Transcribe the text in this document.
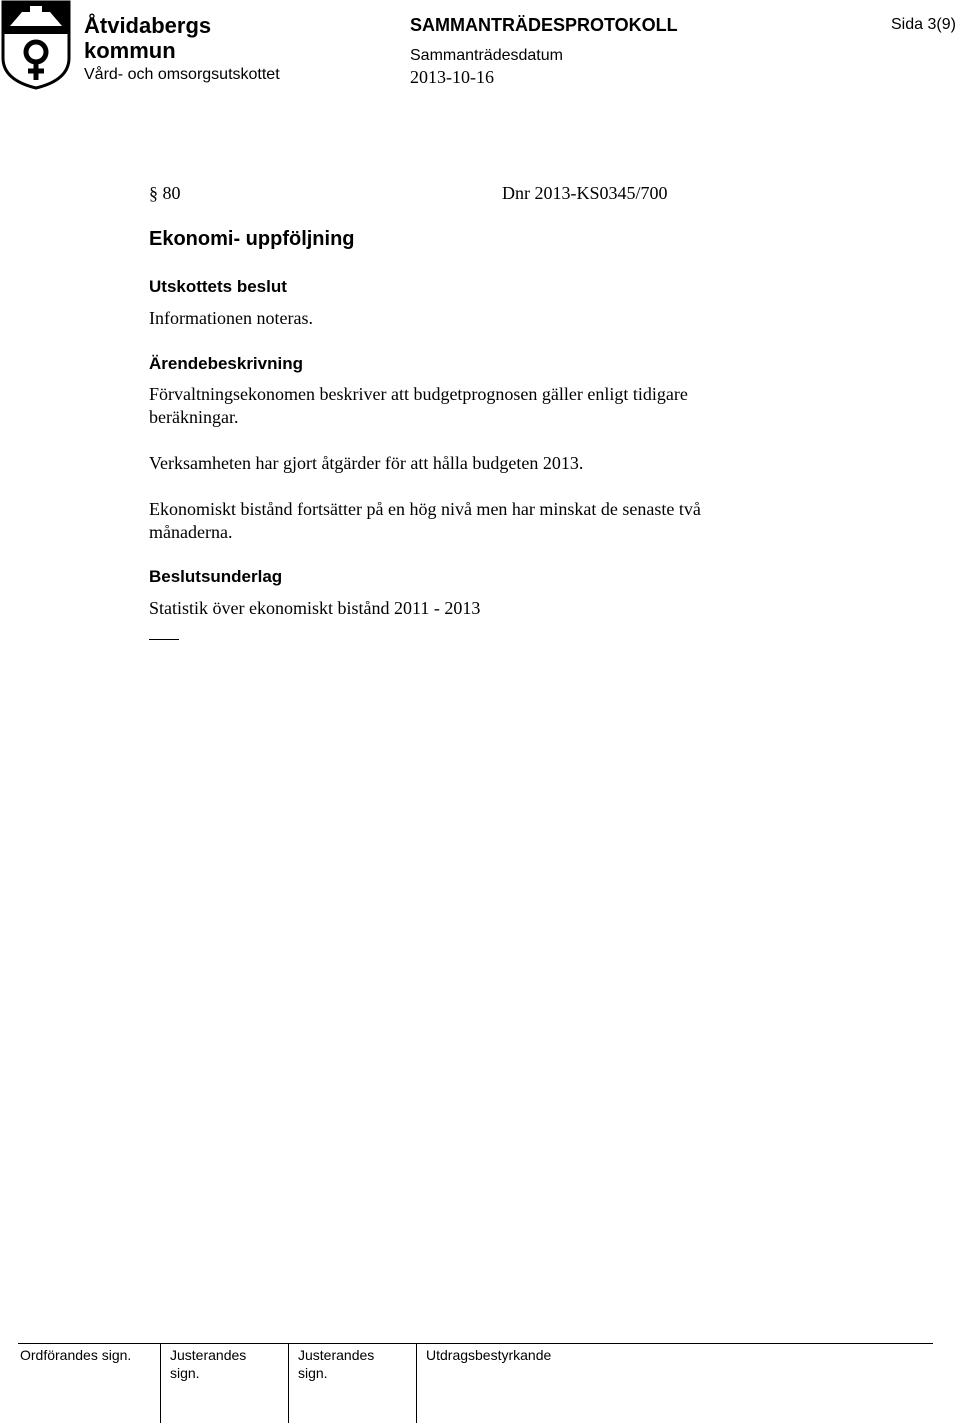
Åtvidabergs
kommun
Vård- och omsorgsutskottet
SAMMANTRÄDESPROTOKOLL
Sammanträdesdatum
2013-10-16
Sida 3(9)
§ 80	Dnr 2013-KS0345/700
Ekonomi- uppföljning
Utskottets beslut
Informationen noteras.
Ärendebeskrivning
Förvaltningsekonomen beskriver att budgetprognosen gäller enligt tidigare
beräkningar.
Verksamheten har gjort åtgärder för att hålla budgeten 2013.
Ekonomiskt bistånd fortsätter på en hög nivå men har minskat de senaste två
månaderna.
Beslutsunderlag
Statistik över ekonomiskt bistånd 2011 - 2013
Ordförandes sign.	Justerandes
sign.
Justerandes
sign.
Utdragsbestyrkande
